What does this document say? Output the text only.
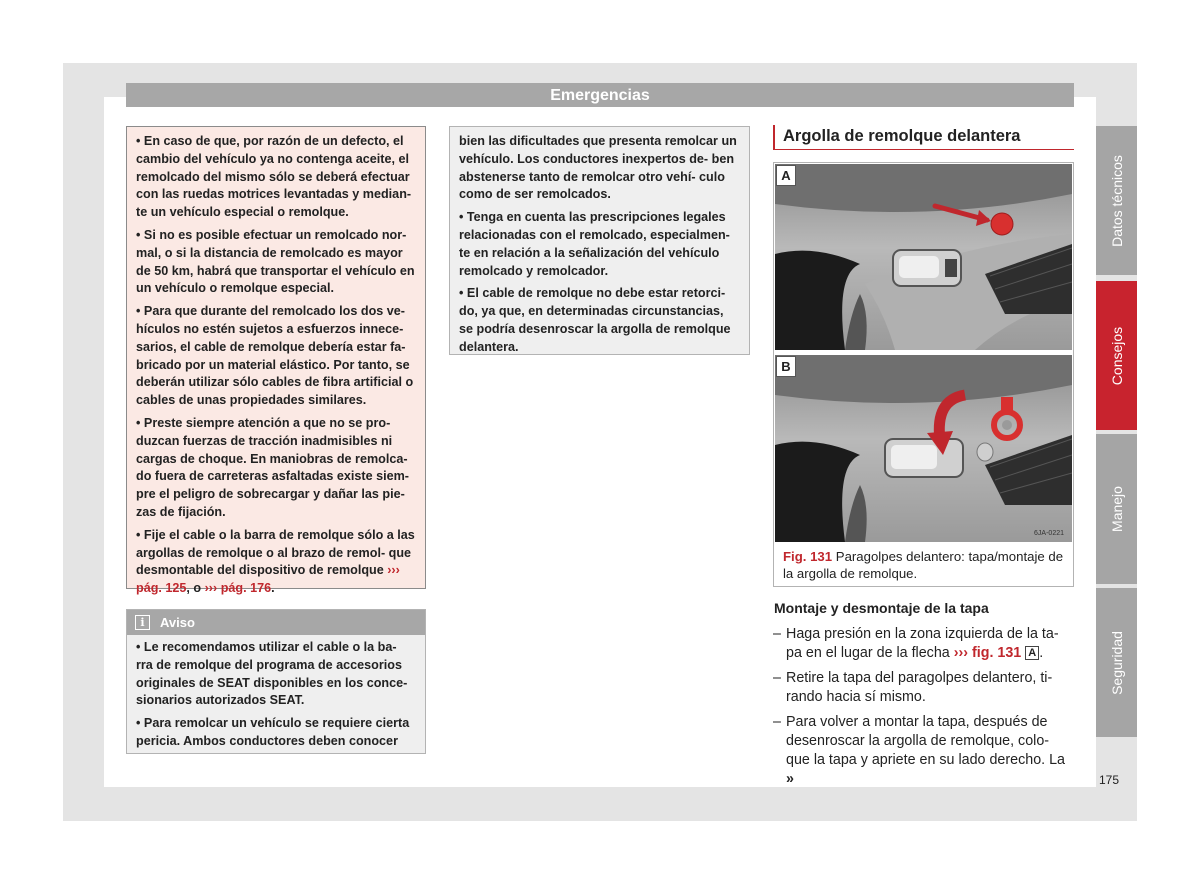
Emergencias

• En caso de que, por razón de un defecto, el cambio del vehículo ya no contenga aceite, el remolcado del mismo sólo se deberá efectuar con las ruedas motrices levantadas y median- te un vehículo especial o remolque.

• Si no es posible efectuar un remolcado nor- mal, o si la distancia de remolcado es mayor de 50 km, habrá que transportar el vehículo en un vehículo o remolque especial.

• Para que durante del remolcado los dos ve- hículos no estén sujetos a esfuerzos innece- sarios, el cable de remolque debería estar fa- bricado por un material elástico. Por tanto, se deberán utilizar sólo cables de fibra artificial o cables de unas propiedades similares.

• Preste siempre atención a que no se pro- duzcan fuerzas de tracción inadmisibles ni cargas de choque. En maniobras de remolca- do fuera de carreteras asfaltadas existe siem- pre el peligro de sobrecargar y dañar las pie- zas de fijación.

• Fije el cable o la barra de remolque sólo a las argollas de remolque o al brazo de remol- que desmontable del dispositivo de remolque ››› pág. 125, o ››› pág. 176.

bien las dificultades que presenta remolcar un vehículo. Los conductores inexpertos de- ben abstenerse tanto de remolcar otro vehí- culo como de ser remolcados.

• Tenga en cuenta las prescripciones legales relacionadas con el remolcado, especialmen- te en relación a la señalización del vehículo remolcado y remolcador.

• El cable de remolque no debe estar retorci- do, ya que, en determinadas circunstancias, se podría desenroscar la argolla de remolque delantera.

i	Aviso

• Le recomendamos utilizar el cable o la ba- rra de remolque del programa de accesorios originales de SEAT disponibles en los conce- sionarios autorizados SEAT.

• Para remolcar un vehículo se requiere cierta pericia. Ambos conductores deben conocer

Argolla de remolque delantera
A
B
6JA-0221
Fig. 131 Paragolpes delantero: tapa/montaje de la argolla de remolque.
Montaje y desmontaje de la tapa
– Haga presión en la zona izquierda de la ta- pa en el lugar de la flecha ››› fig. 131 A .
– Retire la tapa del paragolpes delantero, ti- rando hacia sí mismo.
– Para volver a montar la tapa, después de desenroscar la argolla de remolque, colo- que la tapa y apriete en su lado derecho. La »
Datos técnicos
Consejos
Manejo
Seguridad
175
